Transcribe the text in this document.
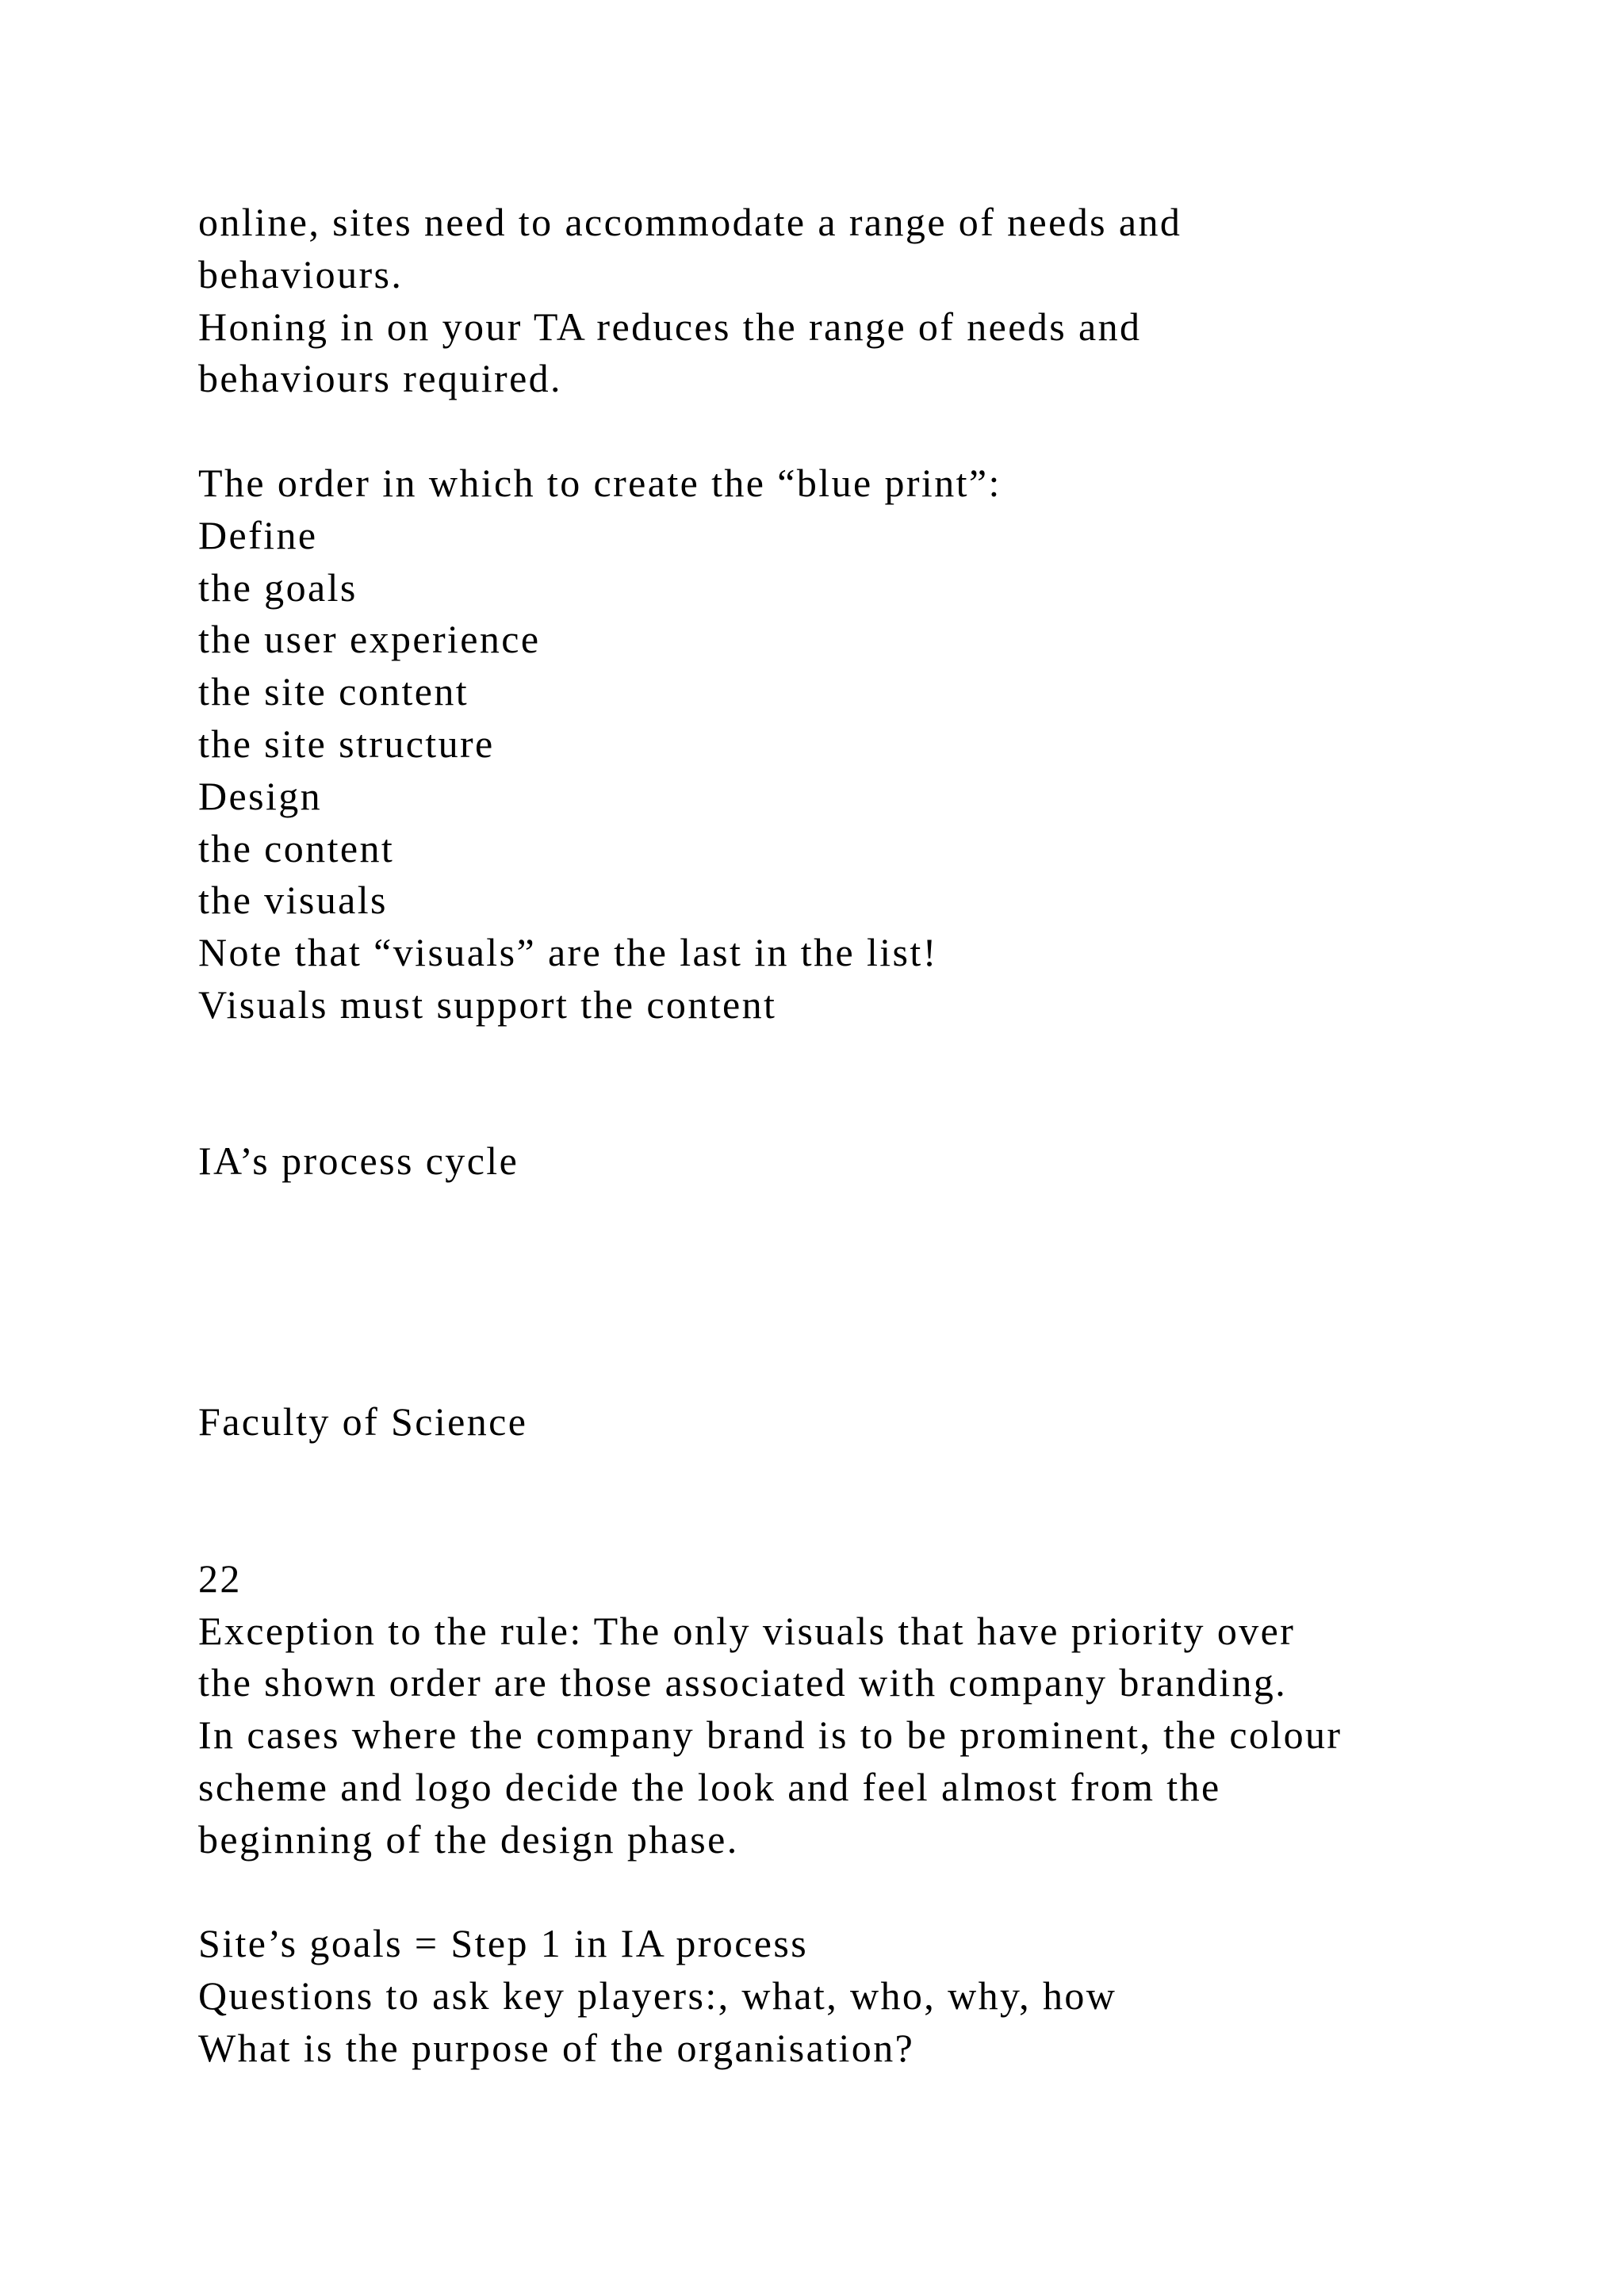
online, sites need to accommodate a range of needs and

behaviours.

Honing in on your TA reduces the range of needs and

behaviours required.

The order in which to create the “blue print”:

Define

the goals

the user experience

the site content

the site structure

Design

the content

the visuals

Note that “visuals” are the last in the list!

Visuals must support the content

IA’s process cycle

Faculty of Science

22

Exception to the rule: The only visuals that have priority over

the shown order are those associated with company branding.

In cases where the company brand is to be prominent, the colour

scheme and logo decide the look and feel almost from the

beginning of the design phase.

Site’s goals = Step 1 in IA process

Questions to ask key players:, what, who, why, how

What is the purpose of the organisation?
